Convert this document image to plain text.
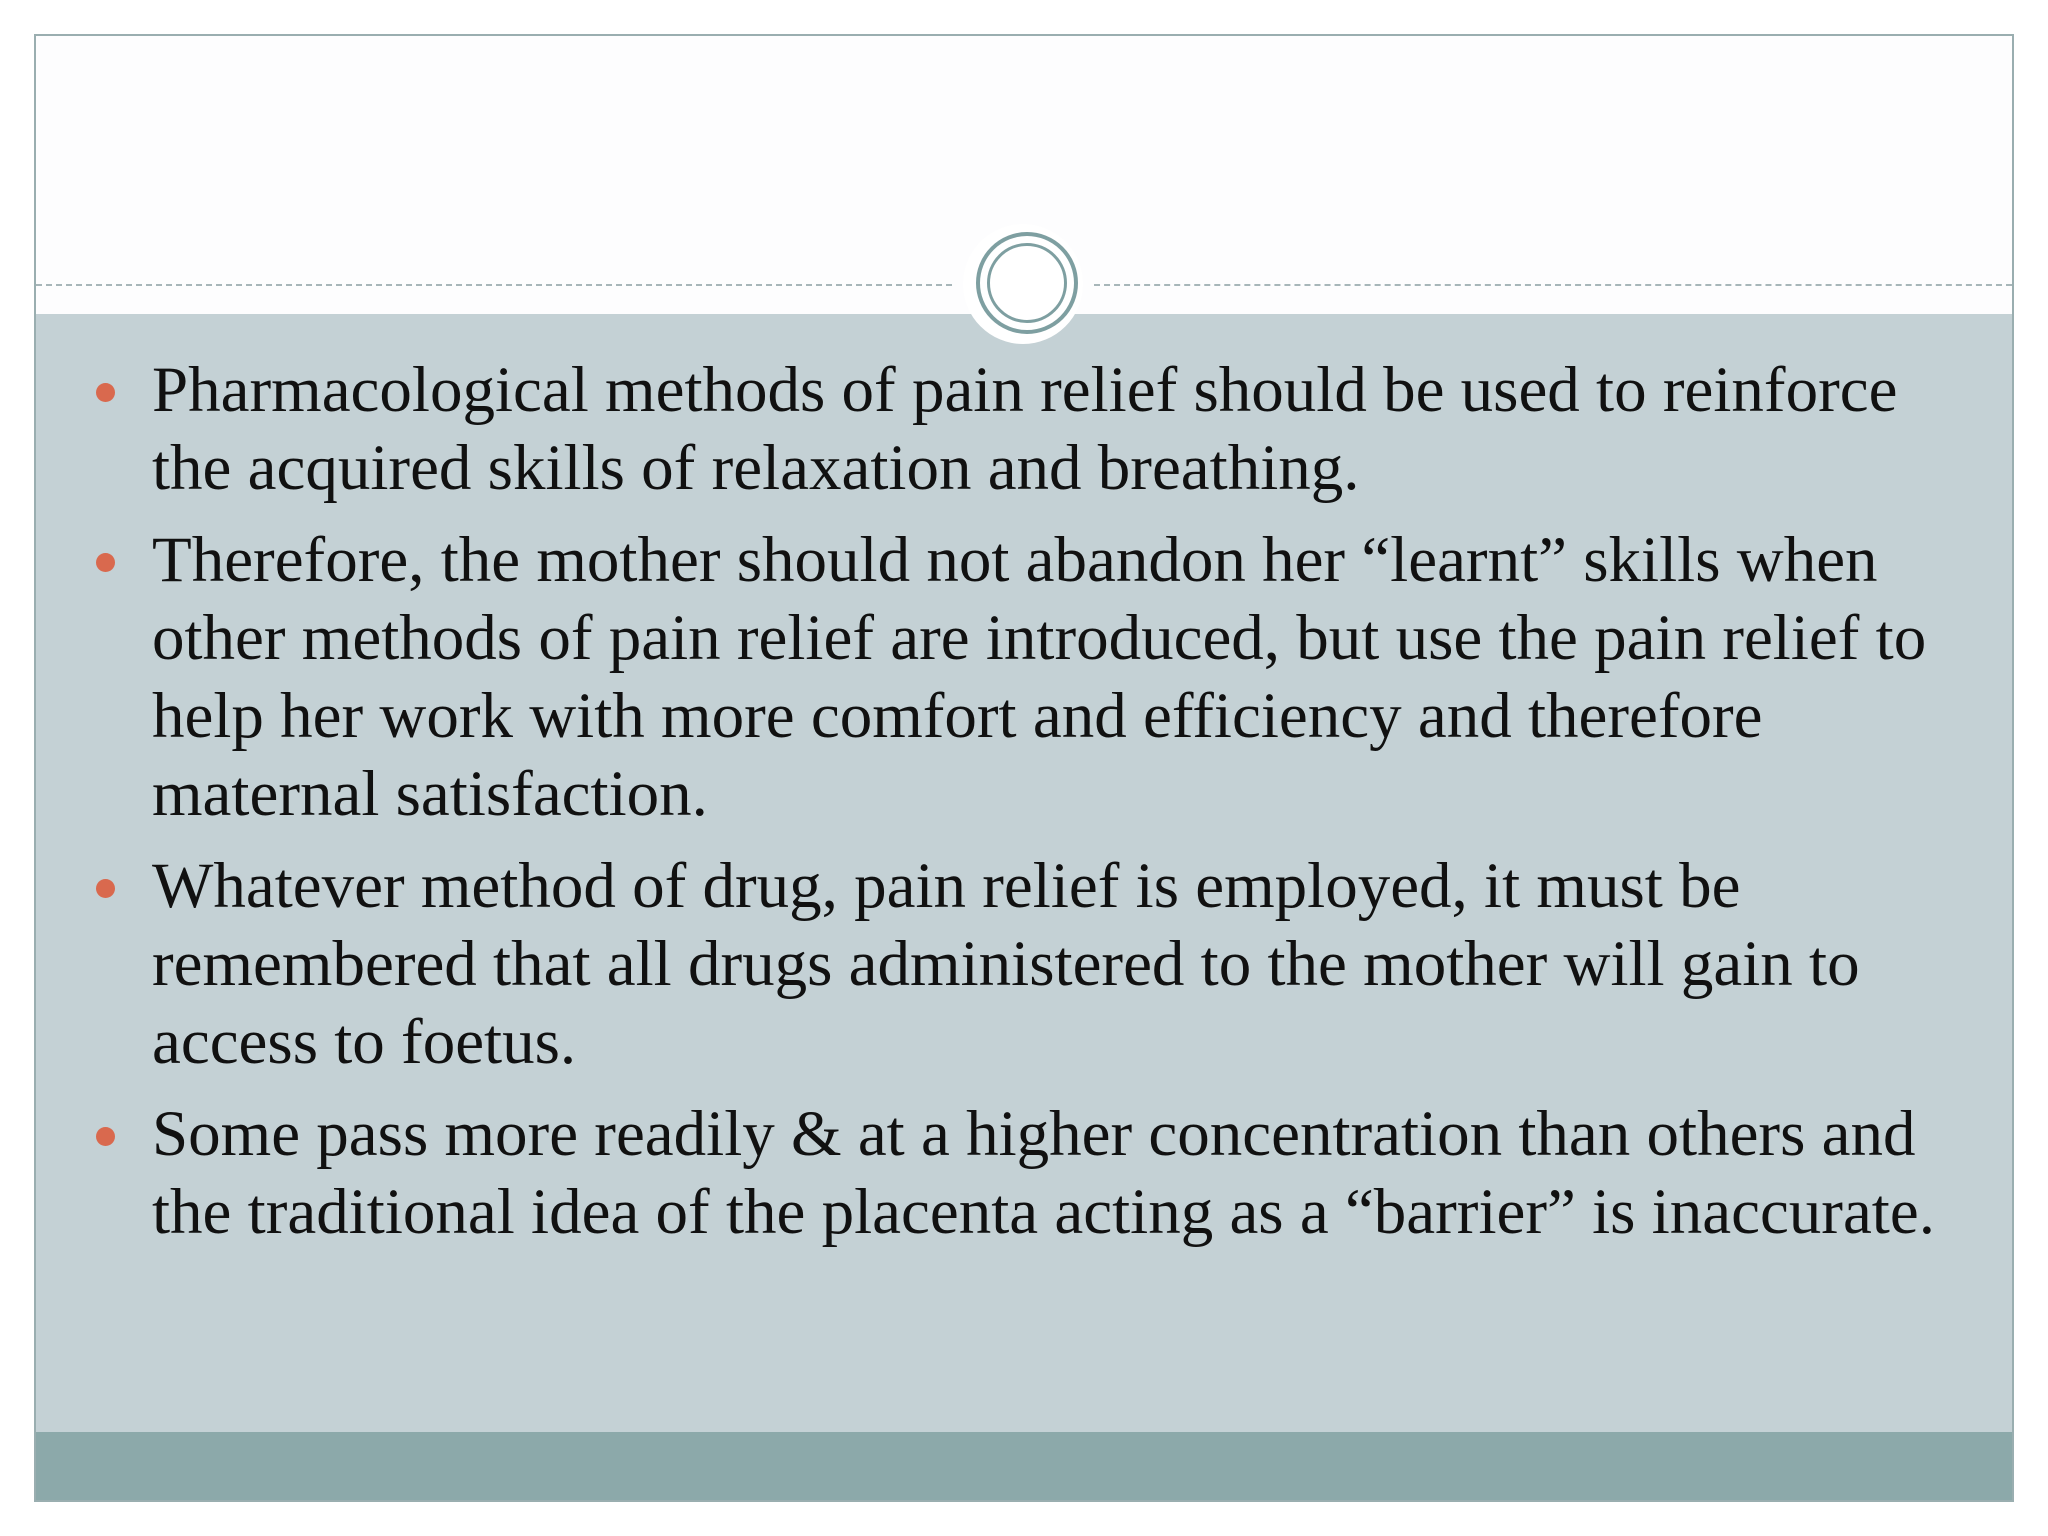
Pharmacological methods of pain relief should be used to reinforce the acquired skills of relaxation and breathing.
Therefore, the mother should not abandon her “learnt” skills when other methods of pain relief are introduced, but use the pain relief to help her work with more comfort and efficiency and therefore maternal satisfaction.
Whatever method of drug, pain relief is employed, it must be remembered that all drugs administered to the mother will gain to access to foetus.
Some pass more readily & at a higher concentration than others and the traditional idea of the placenta acting as a “barrier” is inaccurate.
